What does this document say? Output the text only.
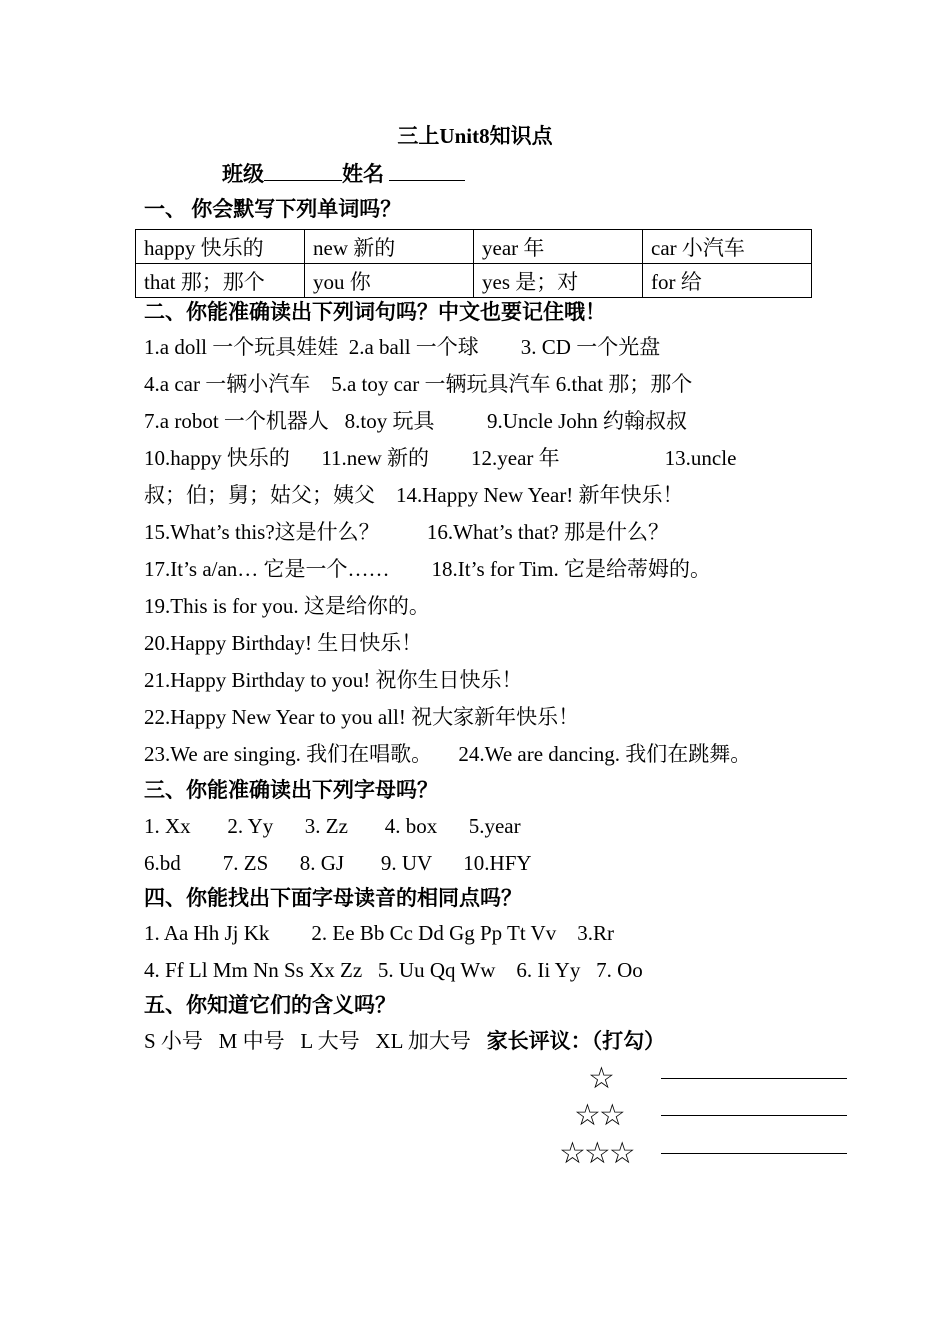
三上Unit8知识点
班级	姓名
一、 你会默写下列单词吗？
happy 快乐的	new 新的	year 年	car 小汽车
that 那；那个	you 你	yes 是；对	for 给
二、你能准确读出下列词句吗？中文也要记住哦！
1.a doll 一个玩具娃娃  2.a ball 一个球        3. CD 一个光盘
4.a car 一辆小汽车    5.a toy car 一辆玩具汽车 6.that 那；那个
7.a robot 一个机器人   8.toy 玩具          9.Uncle John 约翰叔叔
10.happy 快乐的      11.new 新的        12.year 年                    13.uncle
叔；伯；舅；姑父；姨父    14.Happy New Year! 新年快乐！
15.What’s this?这是什么？         16.What’s that? 那是什么？
17.It’s a/an… 它是一个……        18.It’s for Tim. 它是给蒂姆的。
19.This is for you. 这是给你的。
20.Happy Birthday! 生日快乐！
21.Happy Birthday to you! 祝你生日快乐！
22.Happy New Year to you all! 祝大家新年快乐！
23.We are singing. 我们在唱歌。     24.We are dancing. 我们在跳舞。
三、你能准确读出下列字母吗？
1. Xx       2. Yy      3. Zz       4. box      5.year
6.bd        7. ZS      8. GJ       9. UV      10.HFY
四、你能找出下面字母读音的相同点吗？
1. Aa Hh Jj Kk        2. Ee Bb Cc Dd Gg Pp Tt Vv    3.Rr
4. Ff Ll Mm Nn Ss Xx Zz   5. Uu Qq Ww    6. Ii Yy   7. Oo
五、你知道它们的含义吗？
S 小号   M 中号   L 大号   XL 加大号 家长评议：（打勾）
☆
☆☆
☆☆☆
